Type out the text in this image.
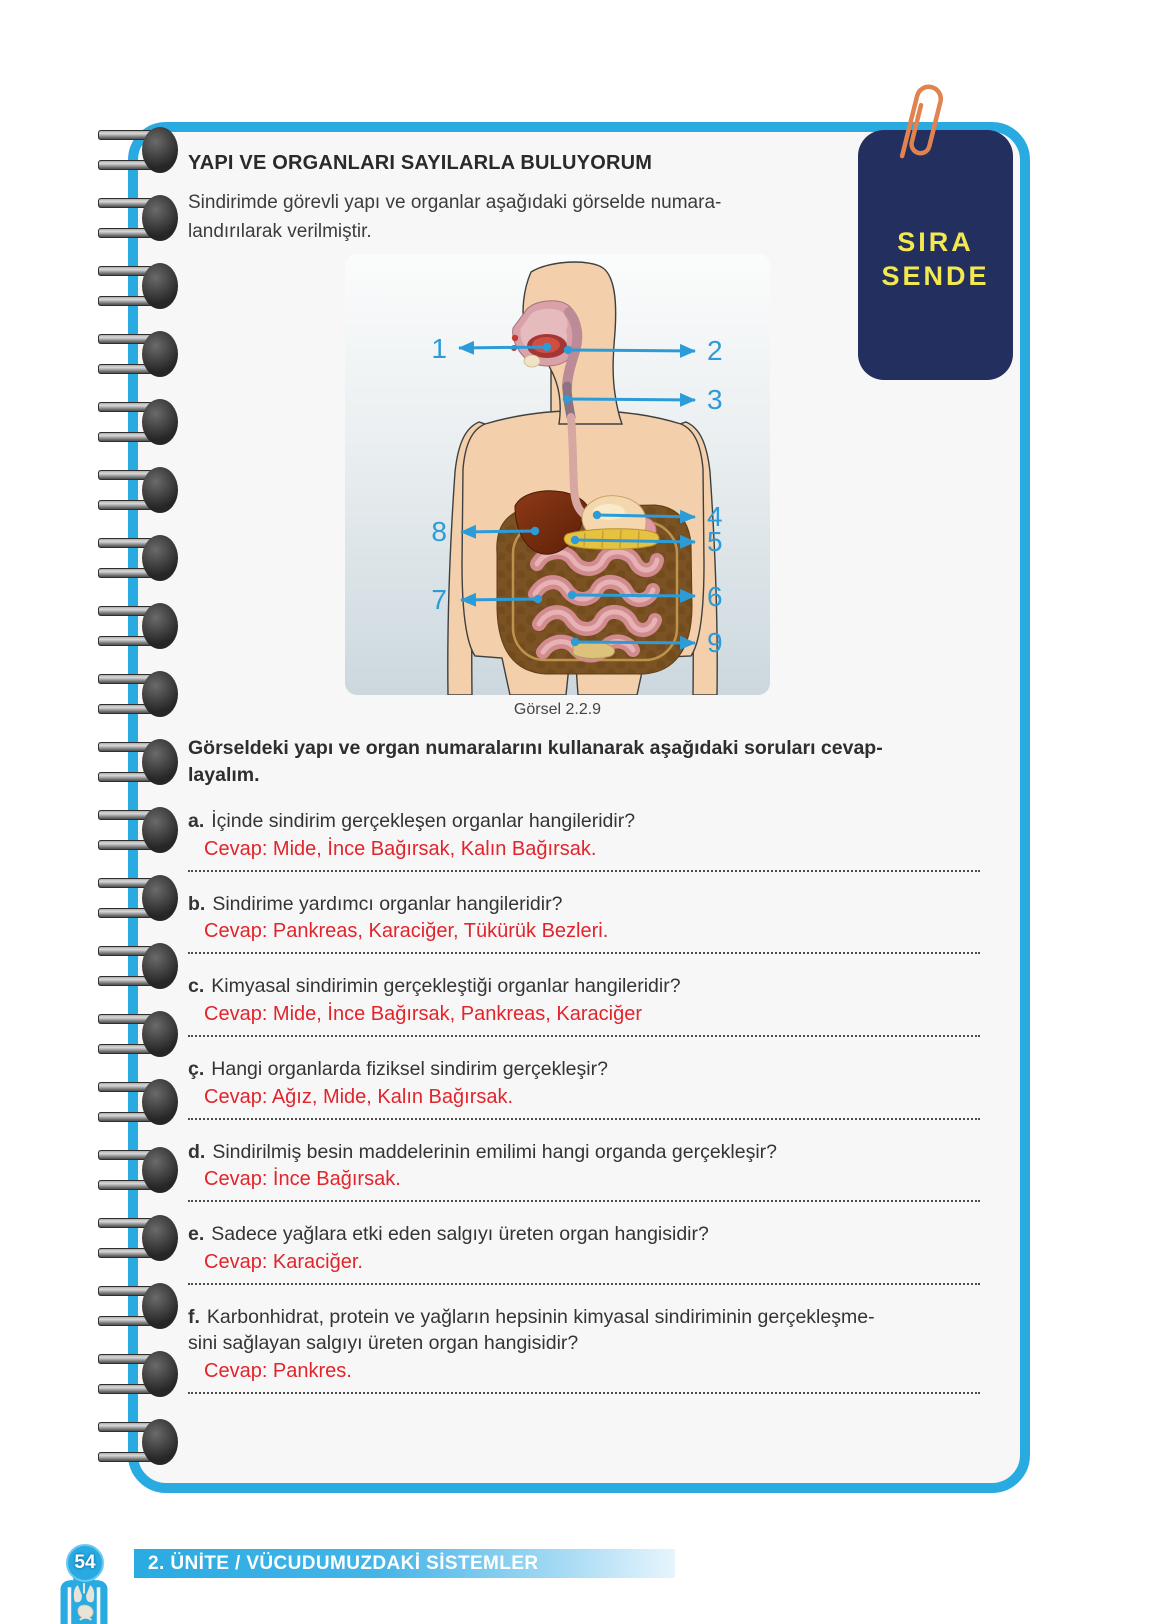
YAPI VE ORGANLARI SAYILARLA BULUYORUM
Sindirimde görevli yapı ve organlar aşağıdaki görselde numara-
landırılarak verilmiştir.
1	2
3
4
5
6
7
8
9
Görsel 2.2.9
Görseldeki yapı ve organ numaralarını kullanarak aşağıdaki soruları cevap-
layalım.
a. İçinde sindirim gerçekleşen organlar hangileridir?
Cevap: Mide, İnce Bağırsak, Kalın Bağırsak.
b. Sindirime yardımcı organlar hangileridir?
Cevap: Pankreas, Karaciğer, Tükürük Bezleri.
c. Kimyasal sindirimin gerçekleştiği organlar hangileridir?
Cevap: Mide, İnce Bağırsak, Pankreas, Karaciğer
ç. Hangi organlarda fiziksel sindirim gerçekleşir?
Cevap: Ağız, Mide, Kalın Bağırsak.
d. Sindirilmiş besin maddelerinin emilimi hangi organda gerçekleşir?
Cevap: İnce Bağırsak.
e. Sadece yağlara etki eden salgıyı üreten organ hangisidir?
Cevap: Karaciğer.
f. Karbonhidrat, protein ve yağların hepsinin kimyasal sindiriminin gerçekleşme-
sini sağlayan salgıyı üreten organ hangisidir?
Cevap: Pankres.
SIRA
SENDE
2. ÜNİTE / VÜCUDUMUZDAKİ SİSTEMLER
54
